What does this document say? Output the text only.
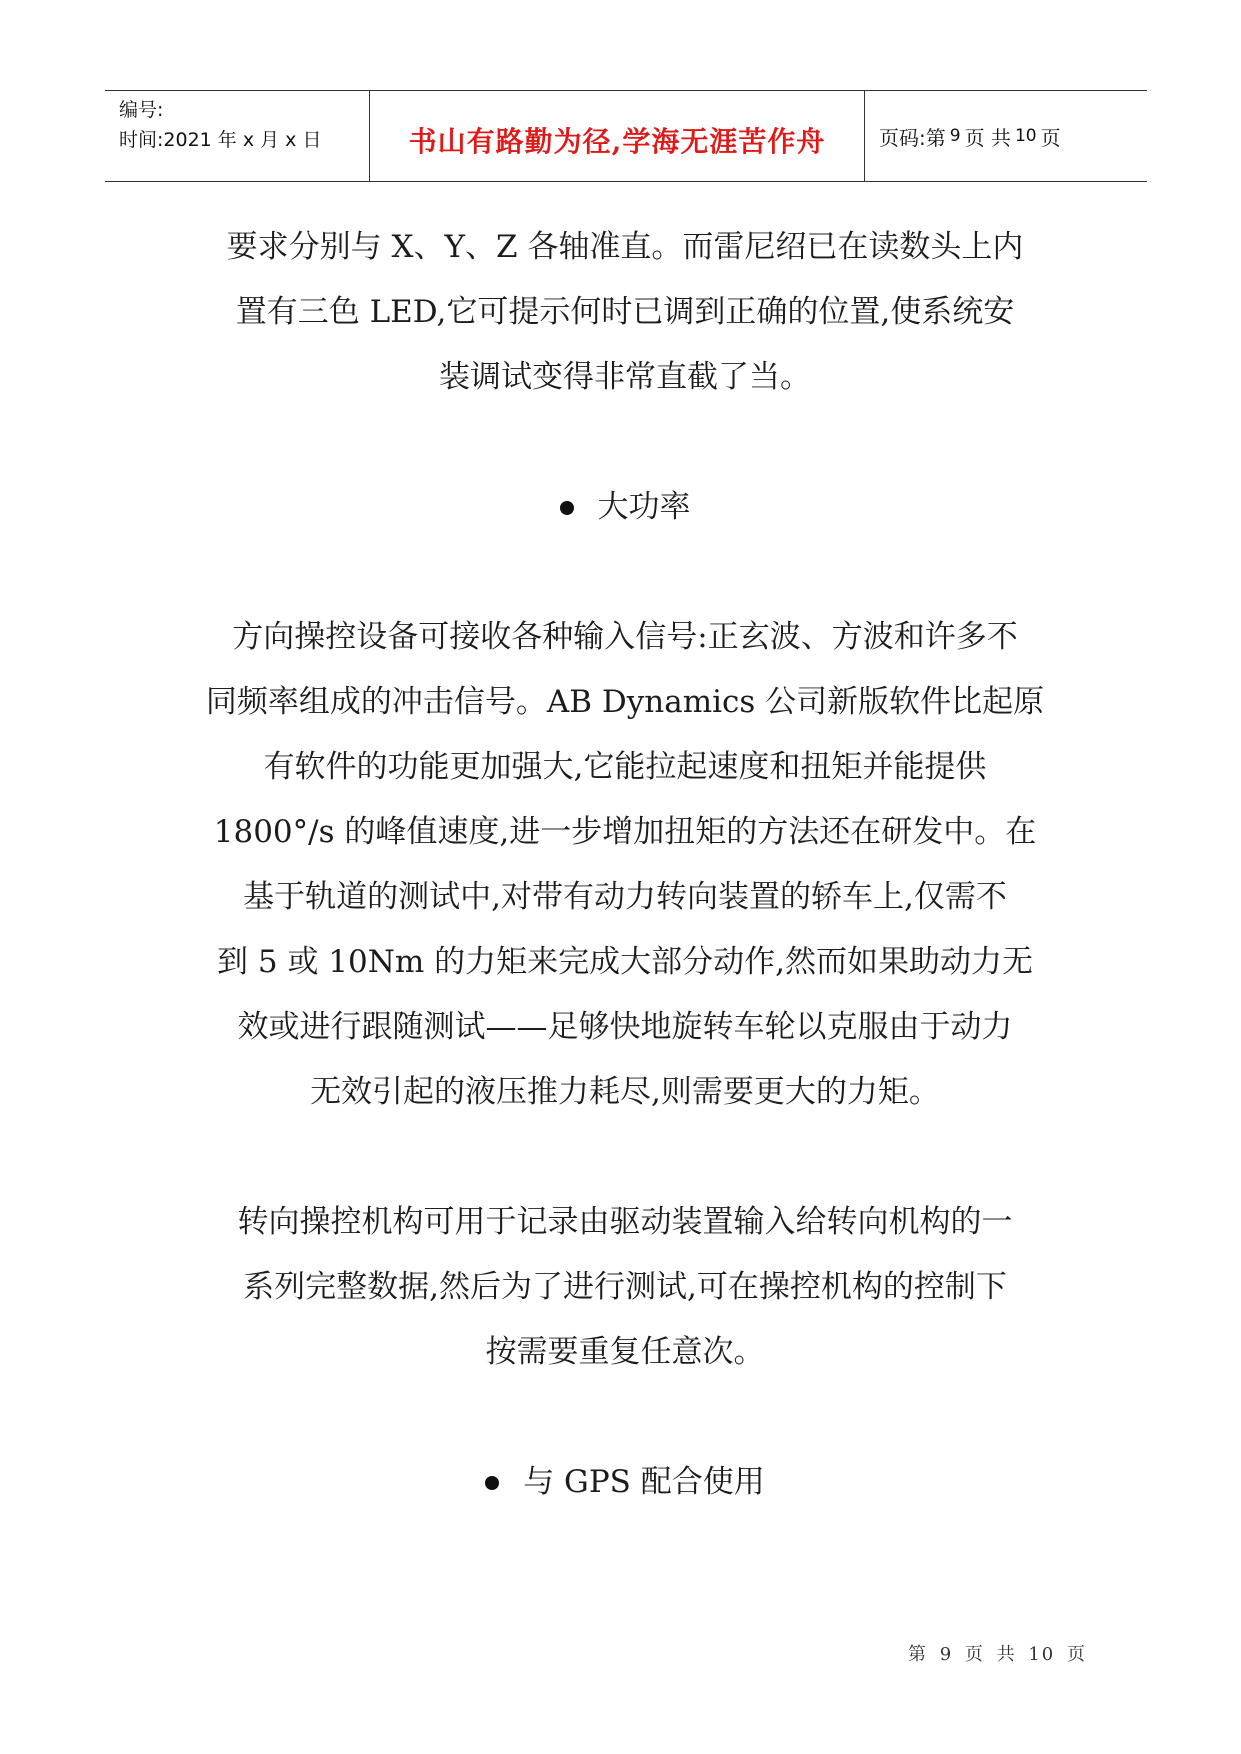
编号:
时间:2021 年 x 月 x 日	书山有路勤为径,学海无涯苦作舟	页码:第 9 页 共 10 页

要求分别与 X、Y、Z 各轴准直。而雷尼绍已在读数头上内
置有三色 LED,它可提示何时已调到正确的位置,使系统安
装调试变得非常直截了当。

大功率

方向操控设备可接收各种输入信号:正玄波、方波和许多不
同频率组成的冲击信号。AB Dynamics 公司新版软件比起原
有软件的功能更加强大,它能拉起速度和扭矩并能提供
1800°/s 的峰值速度,进一步增加扭矩的方法还在研发中。在
基于轨道的测试中,对带有动力转向装置的轿车上,仅需不
到 5 或 10Nm 的力矩来完成大部分动作,然而如果助动力无
效或进行跟随测试——足够快地旋转车轮以克服由于动力
无效引起的液压推力耗尽,则需要更大的力矩。

转向操控机构可用于记录由驱动装置输入给转向机构的一
系列完整数据,然后为了进行测试,可在操控机构的控制下
按需要重复任意次。

与 GPS 配合使用
第 9 页 共 10 页
